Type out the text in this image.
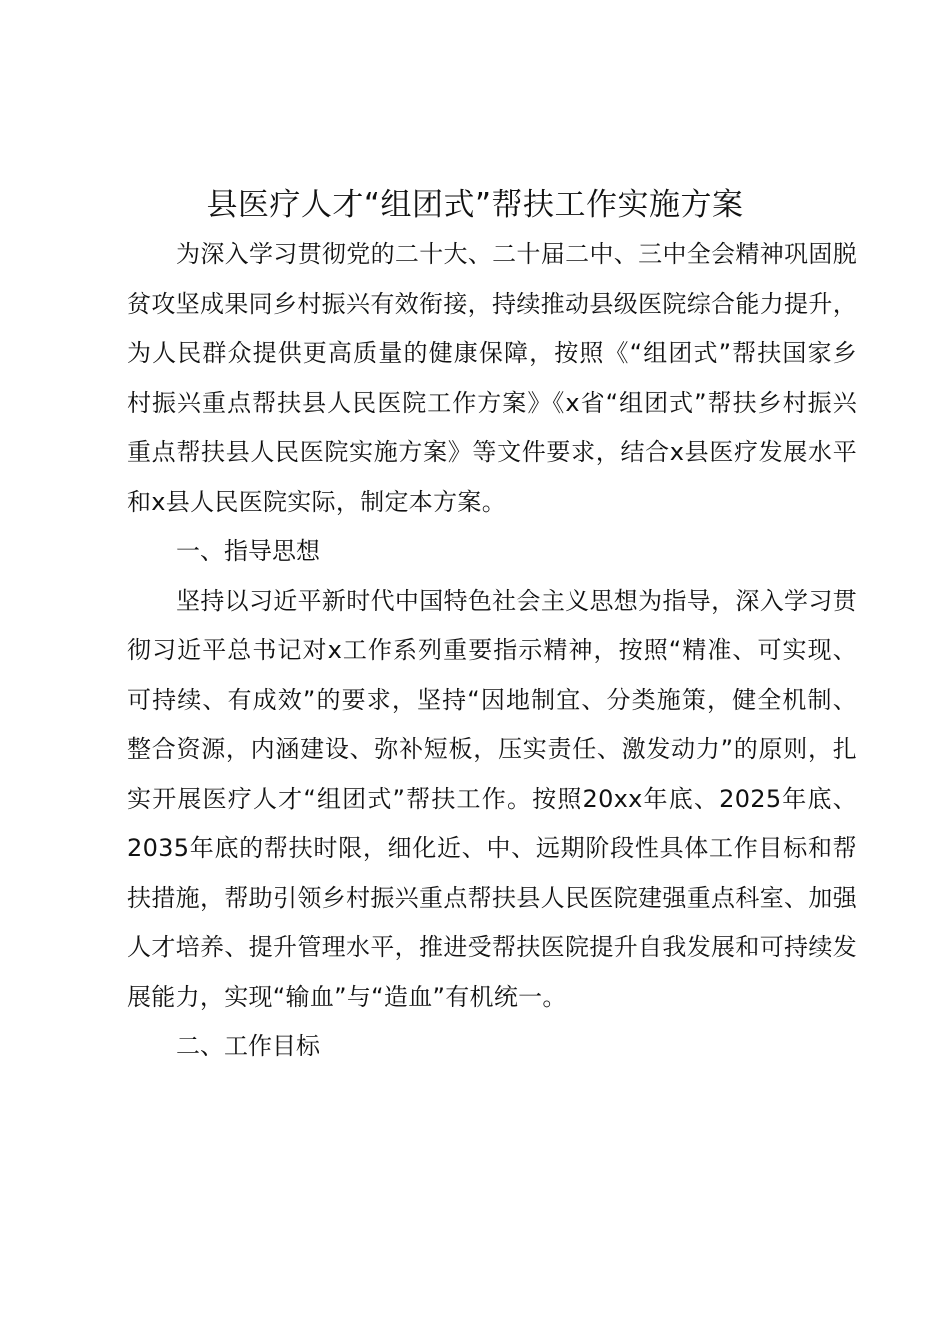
县医疗人才“组团式”帮扶工作实施方案

为深入学习贯彻党的二十大、二十届二中、三中全会精神巩固脱贫攻坚成果同乡村振兴有效衔接，持续推动县级医院综合能力提升，为人民群众提供更高质量的健康保障，按照《“组团式”帮扶国家乡村振兴重点帮扶县人民医院工作方案》《x省“组团式”帮扶乡村振兴重点帮扶县人民医院实施方案》等文件要求，结合x县医疗发展水平和x县人民医院实际，制定本方案。

一、指导思想

坚持以习近平新时代中国特色社会主义思想为指导，深入学习贯彻习近平总书记对x工作系列重要指示精神，按照“精准、可实现、可持续、有成效”的要求，坚持“因地制宜、分类施策，健全机制、整合资源，内涵建设、弥补短板，压实责任、激发动力”的原则，扎实开展医疗人才“组团式”帮扶工作。按照20xx年底、2025年底、2035年底的帮扶时限，细化近、中、远期阶段性具体工作目标和帮扶措施，帮助引领乡村振兴重点帮扶县人民医院建强重点科室、加强人才培养、提升管理水平，推进受帮扶医院提升自我发展和可持续发展能力，实现“输血”与“造血”有机统一。

二、工作目标
